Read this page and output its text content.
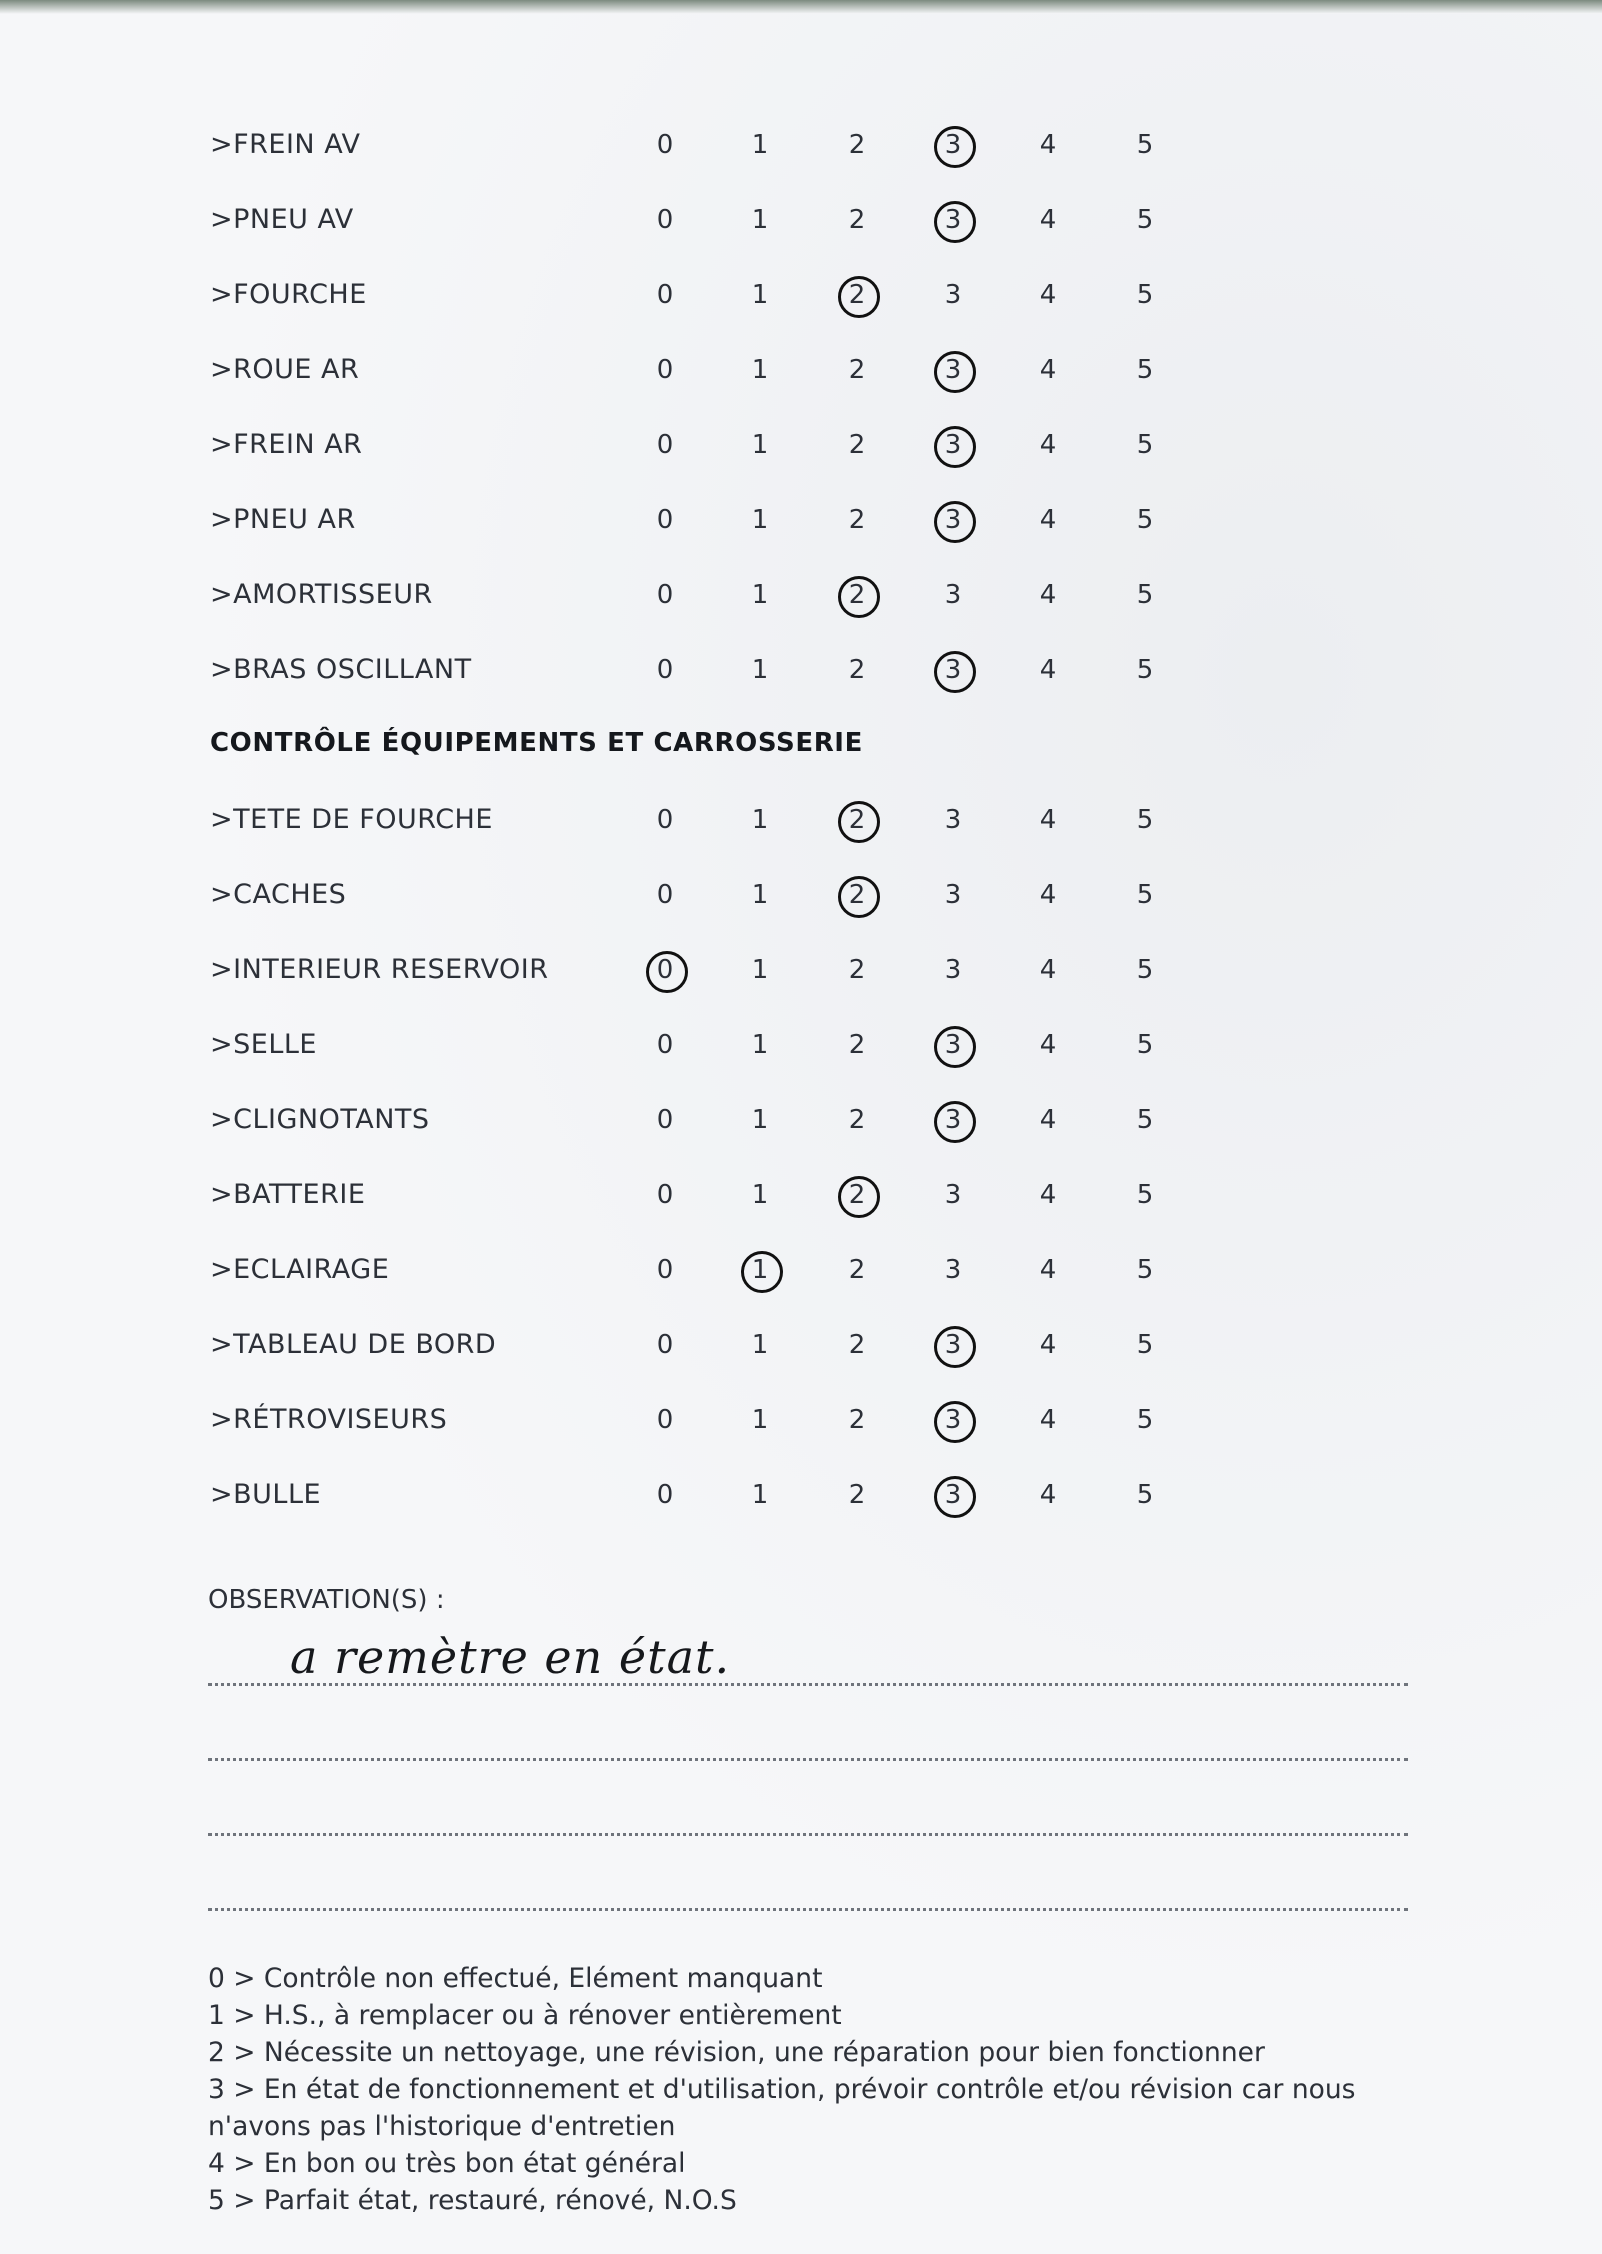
>FREIN AV	0	1	2	3	4	5
>PNEU AV	0	1	2	3	4	5
>FOURCHE	0	1	2	3	4	5
>ROUE AR	0	1	2	3	4	5
>FREIN AR	0	1	2	3	4	5
>PNEU AR	0	1	2	3	4	5
>AMORTISSEUR	0	1	2	3	4	5
>BRAS OSCILLANT	0	1	2	3	4	5
CONTRÔLE ÉQUIPEMENTS ET CARROSSERIE
>TETE DE FOURCHE	0	1	2	3	4	5
>CACHES	0	1	2	3	4	5
>INTERIEUR RESERVOIR	0	1	2	3	4	5
>SELLE	0	1	2	3	4	5
>CLIGNOTANTS	0	1	2	3	4	5
>BATTERIE	0	1	2	3	4	5
>ECLAIRAGE	0	1	2	3	4	5
>TABLEAU DE BORD	0	1	2	3	4	5
>RÉTROVISEURS	0	1	2	3	4	5
>BULLE	0	1	2	3	4	5
OBSERVATION(S) :
a remètre en état.
0 > Contrôle non effectué, Elément manquant
1 > H.S., à remplacer ou à rénover entièrement
2 > Nécessite un nettoyage, une révision, une réparation pour bien fonctionner
3 > En état de fonctionnement et d'utilisation, prévoir contrôle et/ou révision car nous
n'avons pas l'historique d'entretien
4 > En bon ou très bon état général
5 > Parfait état, restauré, rénové, N.O.S
